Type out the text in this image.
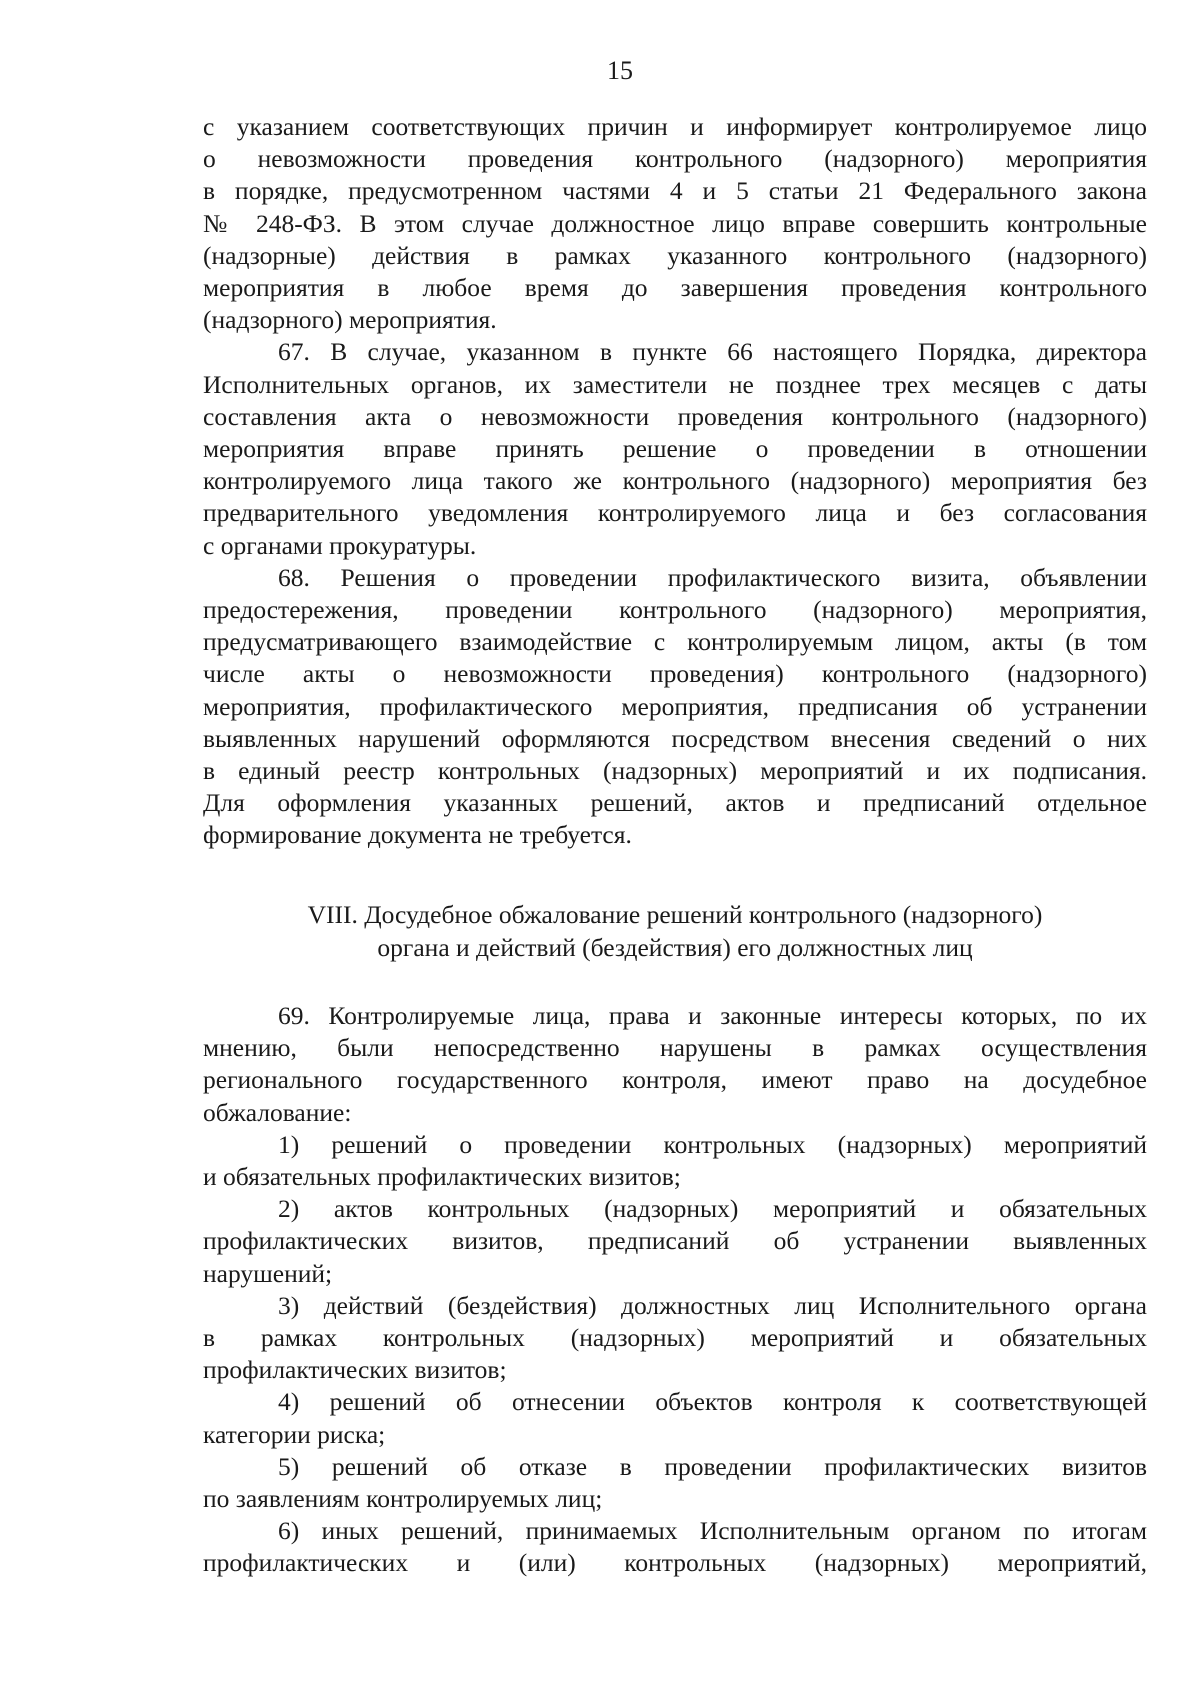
15

с указанием соответствующих причин и информирует контролируемое лицо

о невозможности проведения контрольного (надзорного) мероприятия

в порядке, предусмотренном частями 4 и 5 статьи 21 Федерального закона

№ 248-ФЗ. В этом случае должностное лицо вправе совершить контрольные

(надзорные) действия в рамках указанного контрольного (надзорного)

мероприятия в любое время до завершения проведения контрольного

(надзорного) мероприятия.

67. В случае, указанном в пункте 66 настоящего Порядка, директора

Исполнительных органов, их заместители не позднее трех месяцев с даты

составления акта о невозможности проведения контрольного (надзорного)

мероприятия вправе принять решение о проведении в отношении

контролируемого лица такого же контрольного (надзорного) мероприятия без

предварительного уведомления контролируемого лица и без согласования

с органами прокуратуры.

68. Решения о проведении профилактического визита, объявлении

предостережения, проведении контрольного (надзорного) мероприятия,

предусматривающего взаимодействие с контролируемым лицом, акты (в том

числе акты о невозможности проведения) контрольного (надзорного)

мероприятия, профилактического мероприятия, предписания об устранении

выявленных нарушений оформляются посредством внесения сведений о них

в единый реестр контрольных (надзорных) мероприятий и их подписания.

Для оформления указанных решений, актов и предписаний отдельное

формирование документа не требуется.

VIII. Досудебное обжалование решений контрольного (надзорного)
органа и действий (бездействия) его должностных лиц

69. Контролируемые лица, права и законные интересы которых, по их

мнению, были непосредственно нарушены в рамках осуществления

регионального государственного контроля, имеют право на досудебное

обжалование:

1) решений о проведении контрольных (надзорных) мероприятий

и обязательных профилактических визитов;

2) актов контрольных (надзорных) мероприятий и обязательных

профилактических визитов, предписаний об устранении выявленных

нарушений;

3) действий (бездействия) должностных лиц Исполнительного органа

в рамках контрольных (надзорных) мероприятий и обязательных

профилактических визитов;

4) решений об отнесении объектов контроля к соответствующей

категории риска;

5) решений об отказе в проведении профилактических визитов

по заявлениям контролируемых лиц;

6) иных решений, принимаемых Исполнительным органом по итогам

профилактических и (или) контрольных (надзорных) мероприятий,
